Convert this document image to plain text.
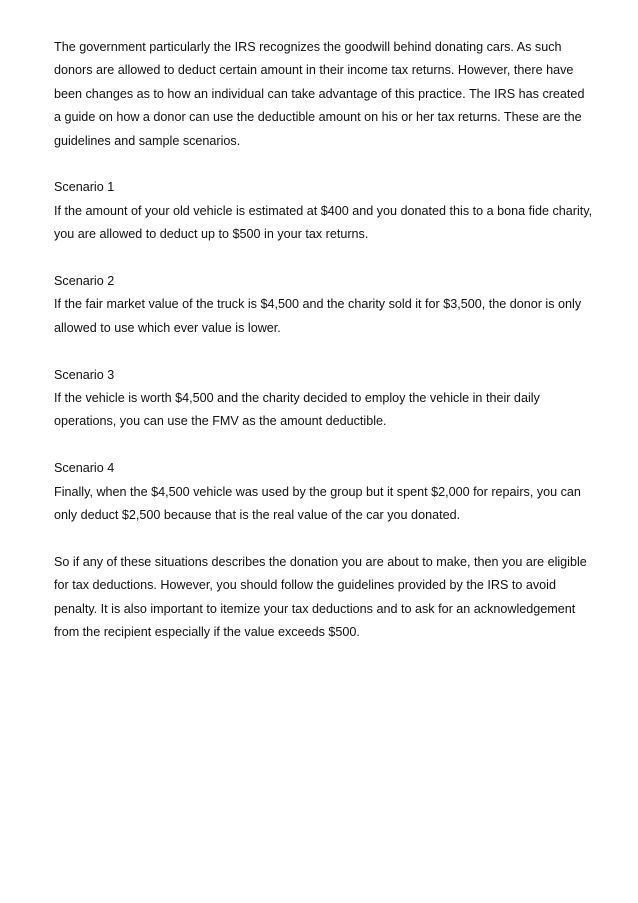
The government particularly the IRS recognizes the goodwill behind donating cars. As such donors are allowed to deduct certain amount in their income tax returns. However, there have been changes as to how an individual can take advantage of this practice. The IRS has created a guide on how a donor can use the deductible amount on his or her tax returns. These are the guidelines and sample scenarios.

Scenario 1

If the amount of your old vehicle is estimated at $400 and you donated this to a bona fide charity, you are allowed to deduct up to $500 in your tax returns.

Scenario 2

If the fair market value of the truck is $4,500 and the charity sold it for $3,500, the donor is only allowed to use which ever value is lower.

Scenario 3

If the vehicle is worth $4,500 and the charity decided to employ the vehicle in their daily operations, you can use the FMV as the amount deductible.

Scenario 4

Finally, when the $4,500 vehicle was used by the group but it spent $2,000 for repairs, you can only deduct $2,500 because that is the real value of the car you donated.

So if any of these situations describes the donation you are about to make, then you are eligible for tax deductions. However, you should follow the guidelines provided by the IRS to avoid penalty. It is also important to itemize your tax deductions and to ask for an acknowledgement from the recipient especially if the value exceeds $500.
